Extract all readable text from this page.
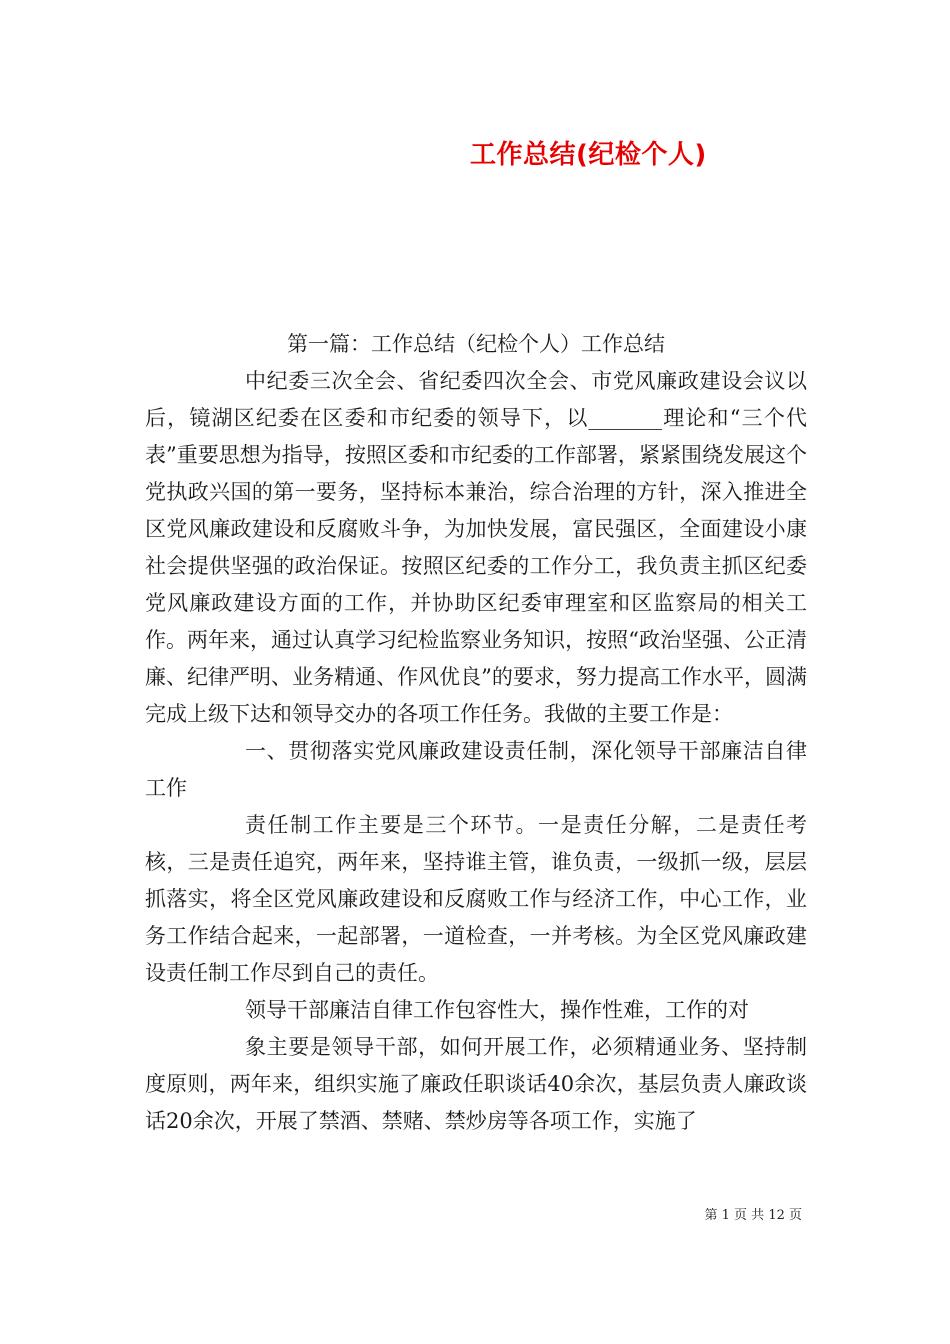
工作总结(纪检个人)

第一篇：工作总结（纪检个人）工作总结

中纪委三次全会、省纪委四次全会、市党风廉政建设会议以后，镜湖区纪委在区委和市纪委的领导下，以_______理论和“三个代表”重要思想为指导，按照区委和市纪委的工作部署，紧紧围绕发展这个党执政兴国的第一要务，坚持标本兼治，综合治理的方针，深入推进全区党风廉政建设和反腐败斗争，为加快发展，富民强区，全面建设小康社会提供坚强的政治保证。按照区纪委的工作分工，我负责主抓区纪委党风廉政建设方面的工作，并协助区纪委审理室和区监察局的相关工作。两年来，通过认真学习纪检监察业务知识，按照“政治坚强、公正清廉、纪律严明、业务精通、作风优良”的要求，努力提高工作水平，圆满完成上级下达和领导交办的各项工作任务。我做的主要工作是：

一、贯彻落实党风廉政建设责任制，深化领导干部廉洁自律工作

责任制工作主要是三个环节。一是责任分解，二是责任考核，三是责任追究，两年来，坚持谁主管，谁负责，一级抓一级，层层抓落实，将全区党风廉政建设和反腐败工作与经济工作，中心工作，业务工作结合起来，一起部署，一道检查，一并考核。为全区党风廉政建设责任制工作尽到自己的责任。

领导干部廉洁自律工作包容性大，操作性难，工作的对

象主要是领导干部，如何开展工作，必须精通业务、坚持制度原则，两年来，组织实施了廉政任职谈话40余次，基层负责人廉政谈话20余次，开展了禁酒、禁赌、禁炒房等各项工作，实施了

第 1 页 共 12 页
